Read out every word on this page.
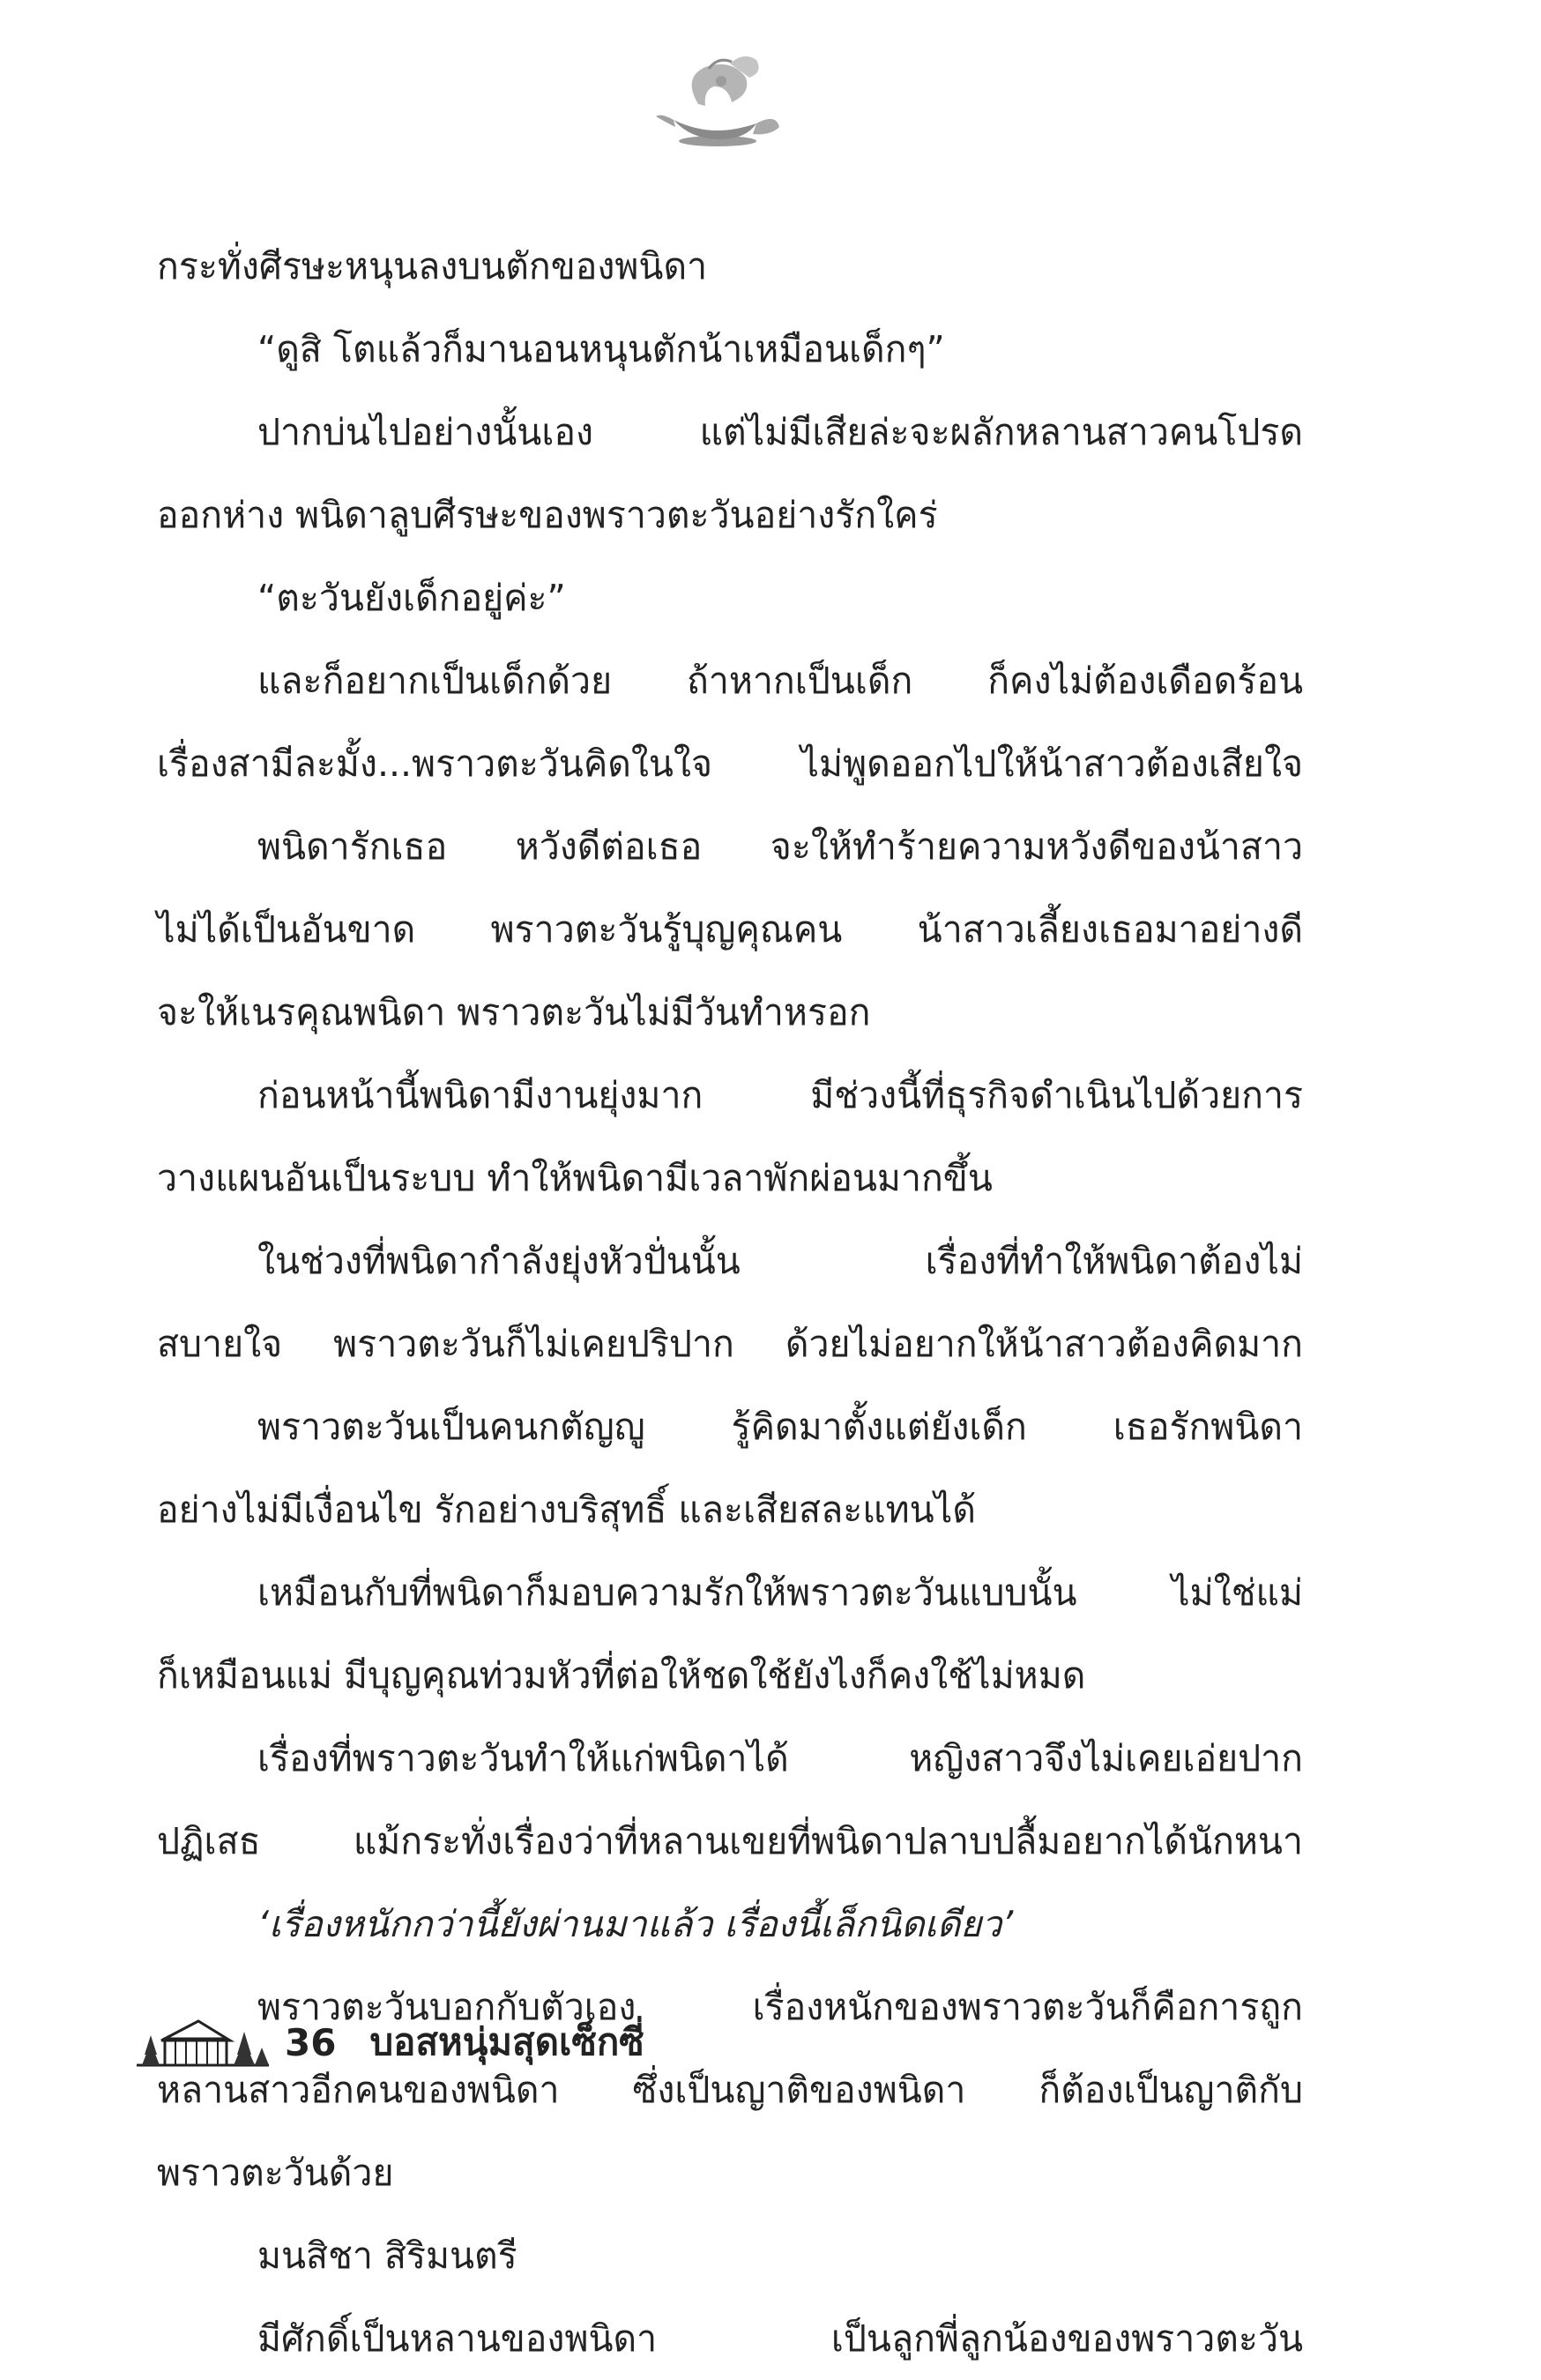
กระทั่งศีรษะหนุนลงบนตักของพนิดา
“ดูสิ โตแล้วก็มานอนหนุนตักน้าเหมือนเด็กๆ”
ปากบ่นไปอย่างนั้นเอง แต่ไม่มีเสียล่ะจะผลักหลานสาวคนโปรด
ออกห่าง พนิดาลูบศีรษะของพราวตะวันอย่างรักใคร่
“ตะวันยังเด็กอยู่ค่ะ”
และก็อยากเป็นเด็กด้วย ถ้าหากเป็นเด็ก ก็คงไม่ต้องเดือดร้อน
เรื่องสามีละมั้ง...พราวตะวันคิดในใจ ไม่พูดออกไปให้น้าสาวต้องเสียใจ
พนิดารักเธอ หวังดีต่อเธอ จะให้ทำร้ายความหวังดีของน้าสาว
ไม่ได้เป็นอันขาด พราวตะวันรู้บุญคุณคน น้าสาวเลี้ยงเธอมาอย่างดี
จะให้เนรคุณพนิดา พราวตะวันไม่มีวันทำหรอก
ก่อนหน้านี้พนิดามีงานยุ่งมาก มีช่วงนี้ที่ธุรกิจดำเนินไปด้วยการ
วางแผนอันเป็นระบบ ทำให้พนิดามีเวลาพักผ่อนมากขึ้น
ในช่วงที่พนิดากำลังยุ่งหัวปั่นนั้น เรื่องที่ทำให้พนิดาต้องไม่
สบายใจ พราวตะวันก็ไม่เคยปริปาก ด้วยไม่อยากให้น้าสาวต้องคิดมาก
พราวตะวันเป็นคนกตัญญู รู้คิดมาตั้งแต่ยังเด็ก เธอรักพนิดา
อย่างไม่มีเงื่อนไข รักอย่างบริสุทธิ์ และเสียสละแทนได้
เหมือนกับที่พนิดาก็มอบความรักให้พราวตะวันแบบนั้น ไม่ใช่แม่
ก็เหมือนแม่ มีบุญคุณท่วมหัวที่ต่อให้ชดใช้ยังไงก็คงใช้ไม่หมด
เรื่องที่พราวตะวันทำให้แก่พนิดาได้ หญิงสาวจึงไม่เคยเอ่ยปาก
ปฏิเสธ แม้กระทั่งเรื่องว่าที่หลานเขยที่พนิดาปลาบปลื้มอยากได้นักหนา
‘เรื่องหนักกว่านี้ยังผ่านมาแล้ว เรื่องนี้เล็กนิดเดียว’
พราวตะวันบอกกับตัวเอง เรื่องหนักของพราวตะวันก็คือการถูก
หลานสาวอีกคนของพนิดา ซึ่งเป็นญาติของพนิดา ก็ต้องเป็นญาติกับ
พราวตะวันด้วย
มนสิชา สิริมนตรี
มีศักดิ์เป็นหลานของพนิดา เป็นลูกพี่ลูกน้องของพราวตะวัน
36 บอสหนุ่มสุดเซ็กซี่
